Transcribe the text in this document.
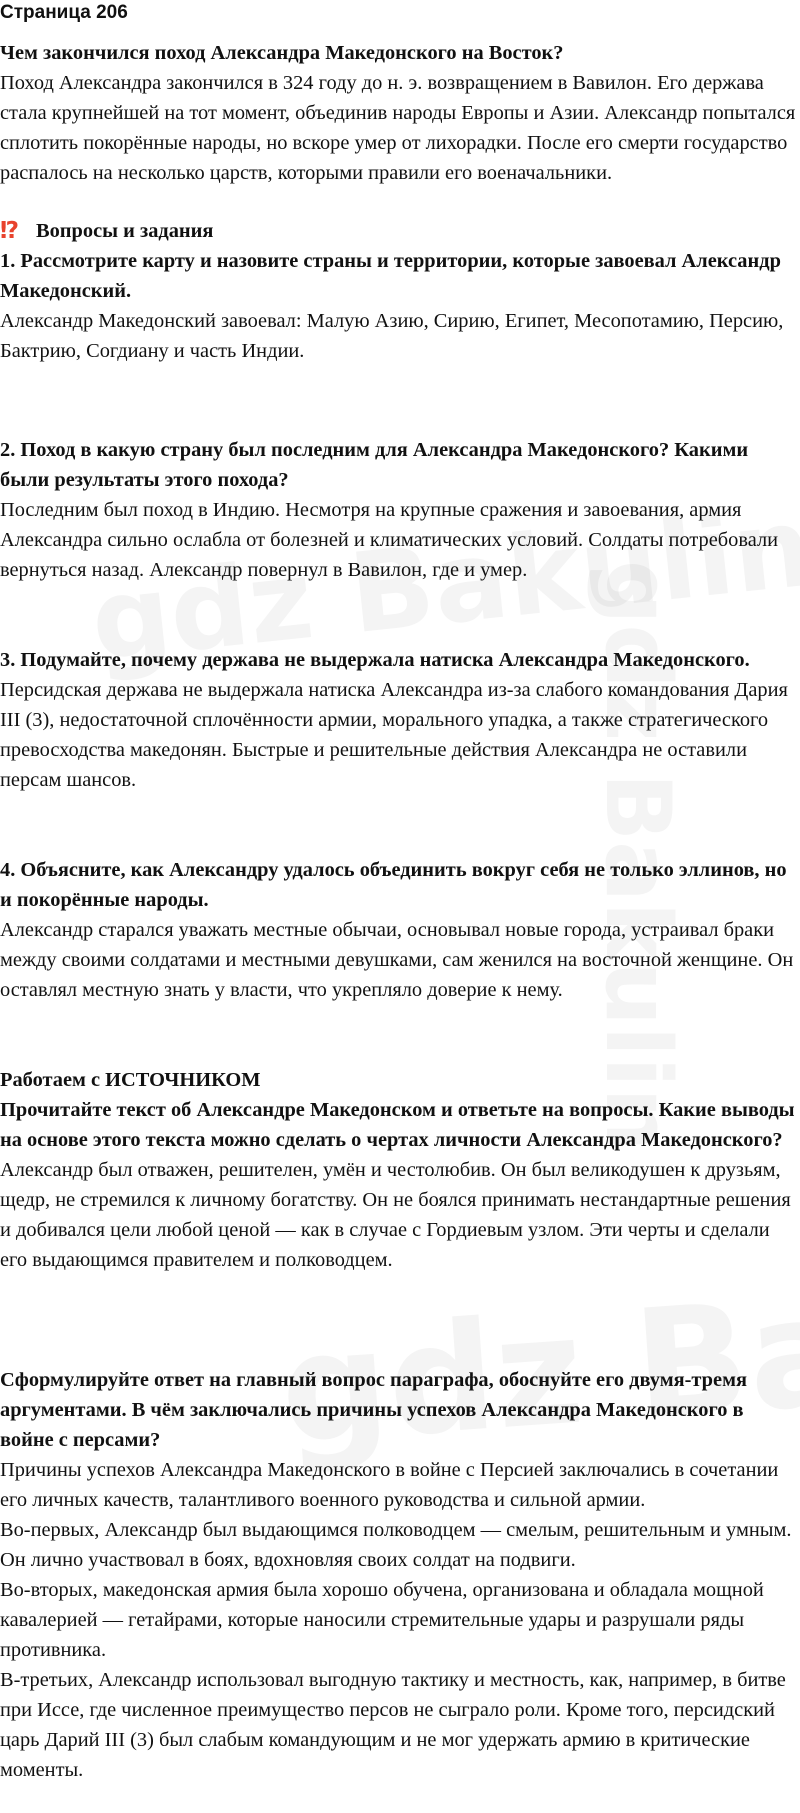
Страница 206

Чем закончился поход Александра Македонского на Восток?

Поход Александра закончился в 324 году до н. э. возвращением в Вавилон. Его держава стала крупнейшей на тот момент, объединив народы Европы и Азии. Александр попытался сплотить покорённые народы, но вскоре умер от лихорадки. После его смерти государство распалось на несколько царств, которыми правили его военачальники.

⁉ Вопросы и задания

1. Рассмотрите карту и назовите страны и территории, которые завоевал Александр Македонский.

Александр Македонский завоевал: Малую Азию, Сирию, Египет, Месопотамию, Персию, Бактрию, Согдиану и часть Индии.

2. Поход в какую страну был последним для Александра Македонского? Какими были результаты этого похода?

Последним был поход в Индию. Несмотря на крупные сражения и завоевания, армия Александра сильно ослабла от болезней и климатических условий. Солдаты потребовали вернуться назад. Александр повернул в Вавилон, где и умер.

3. Подумайте, почему держава не выдержала натиска Александра Македонского.

Персидская держава не выдержала натиска Александра из-за слабого командования Дария III (3), недостаточной сплочённости армии, морального упадка, а также стратегического превосходства македонян. Быстрые и решительные действия Александра не оставили персам шансов.

4. Объясните, как Александру удалось объединить вокруг себя не только эллинов, но и покорённые народы.

Александр старался уважать местные обычаи, основывал новые города, устраивал браки между своими солдатами и местными девушками, сам женился на восточной женщине. Он оставлял местную знать у власти, что укрепляло доверие к нему.

Работаем с ИСТОЧНИКОМ

Прочитайте текст об Александре Македонском и ответьте на вопросы. Какие выводы на основе этого текста можно сделать о чертах личности Александра Македонского?

Александр был отважен, решителен, умён и честолюбив. Он был великодушен к друзьям, щедр, не стремился к личному богатству. Он не боялся принимать нестандартные решения и добивался цели любой ценой — как в случае с Гордиевым узлом. Эти черты и сделали его выдающимся правителем и полководцем.

Сформулируйте ответ на главный вопрос параграфа, обоснуйте его двумя-тремя аргументами. В чём заключались причины успехов Александра Македонского в войне с персами?

Причины успехов Александра Македонского в войне с Персией заключались в сочетании его личных качеств, талантливого военного руководства и сильной армии.

Во-первых, Александр был выдающимся полководцем — смелым, решительным и умным. Он лично участвовал в боях, вдохновляя своих солдат на подвиги.

Во-вторых, македонская армия была хорошо обучена, организована и обладала мощной кавалерией — гетайрами, которые наносили стремительные удары и разрушали ряды противника.

В-третьих, Александр использовал выгодную тактику и местность, как, например, в битве при Иссе, где численное преимущество персов не сыграло роли. Кроме того, персидский царь Дарий III (3) был слабым командующим и не мог удержать армию в критические моменты.
